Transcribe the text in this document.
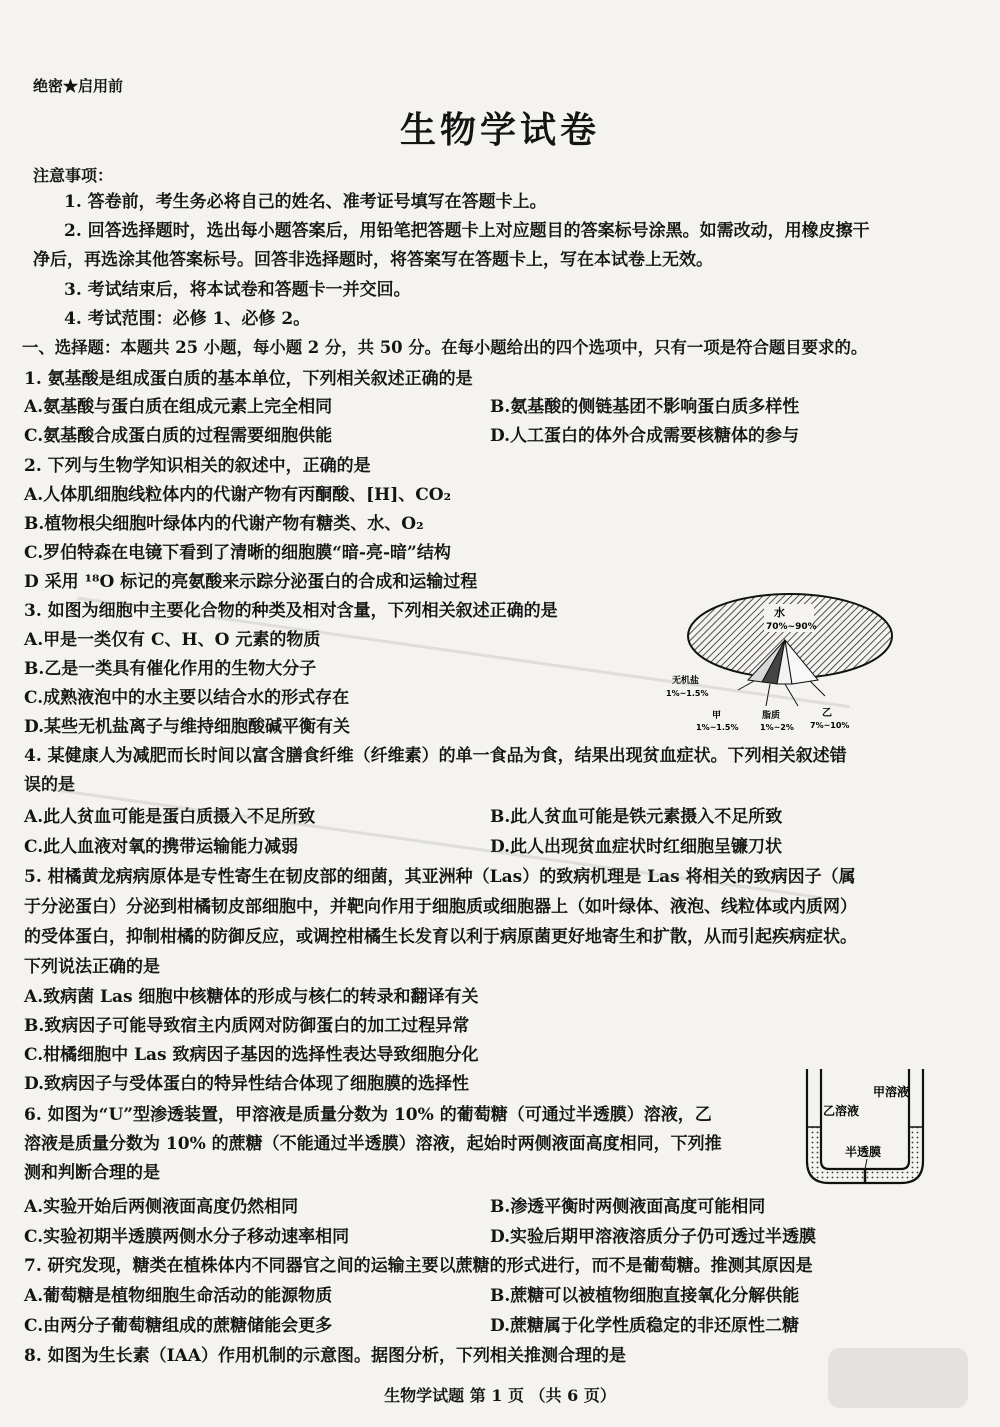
绝密★启用前
生物学试卷
注意事项：
1. 答卷前，考生务必将自己的姓名、准考证号填写在答题卡上。
2. 回答选择题时，选出每小题答案后，用铅笔把答题卡上对应题目的答案标号涂黑。如需改动，用橡皮擦干
净后，再选涂其他答案标号。回答非选择题时，将答案写在答题卡上，写在本试卷上无效。
3. 考试结束后，将本试卷和答题卡一并交回。
4. 考试范围：必修 1、必修 2。
一、选择题：本题共 25 小题，每小题 2 分，共 50 分。在每小题给出的四个选项中，只有一项是符合题目要求的。
1. 氨基酸是组成蛋白质的基本单位，下列相关叙述正确的是
A.氨基酸与蛋白质在组成元素上完全相同	B.氨基酸的侧链基团不影响蛋白质多样性
C.氨基酸合成蛋白质的过程需要细胞供能	D.人工蛋白的体外合成需要核糖体的参与
2. 下列与生物学知识相关的叙述中，正确的是
A.人体肌细胞线粒体内的代谢产物有丙酮酸、[H]、CO₂
B.植物根尖细胞叶绿体内的代谢产物有糖类、水、O₂
C.罗伯特森在电镜下看到了清晰的细胞膜“暗-亮-暗”结构
D 采用 ¹⁸O 标记的亮氨酸来示踪分泌蛋白的合成和运输过程
3. 如图为细胞中主要化合物的种类及相对含量，下列相关叙述正确的是
A.甲是一类仅有 C、H、O 元素的物质
B.乙是一类具有催化作用的生物大分子
C.成熟液泡中的水主要以结合水的形式存在
D.某些无机盐离子与维持细胞酸碱平衡有关
水
70%~90%
无机盐
1%~1.5%
甲
1%~1.5%
脂质
1%~2%
乙
7%~10%
4. 某健康人为减肥而长时间以富含膳食纤维（纤维素）的单一食品为食，结果出现贫血症状。下列相关叙述错
误的是
A.此人贫血可能是蛋白质摄入不足所致	B.此人贫血可能是铁元素摄入不足所致
C.此人血液对氧的携带运输能力减弱	D.此人出现贫血症状时红细胞呈镰刀状
5. 柑橘黄龙病病原体是专性寄生在韧皮部的细菌，其亚洲种（Las）的致病机理是 Las 将相关的致病因子（属
于分泌蛋白）分泌到柑橘韧皮部细胞中，并靶向作用于细胞质或细胞器上（如叶绿体、液泡、线粒体或内质网）
的受体蛋白，抑制柑橘的防御反应，或调控柑橘生长发育以利于病原菌更好地寄生和扩散，从而引起疾病症状。
下列说法正确的是
A.致病菌 Las 细胞中核糖体的形成与核仁的转录和翻译有关
B.致病因子可能导致宿主内质网对防御蛋白的加工过程异常
C.柑橘细胞中 Las 致病因子基因的选择性表达导致细胞分化
D.致病因子与受体蛋白的特异性结合体现了细胞膜的选择性
6. 如图为“U”型渗透装置，甲溶液是质量分数为 10% 的葡萄糖（可通过半透膜）溶液，乙
溶液是质量分数为 10% 的蔗糖（不能通过半透膜）溶液，起始时两侧液面高度相同，下列推
测和判断合理的是
A.实验开始后两侧液面高度仍然相同	B.渗透平衡时两侧液面高度可能相同
C.实验初期半透膜两侧水分子移动速率相同	D.实验后期甲溶液溶质分子仍可透过半透膜
甲溶液
乙溶液
半透膜
7. 研究发现，糖类在植株体内不同器官之间的运输主要以蔗糖的形式进行，而不是葡萄糖。推测其原因是
A.葡萄糖是植物细胞生命活动的能源物质	B.蔗糖可以被植物细胞直接氧化分解供能
C.由两分子葡萄糖组成的蔗糖储能会更多	D.蔗糖属于化学性质稳定的非还原性二糖
8. 如图为生长素（IAA）作用机制的示意图。据图分析，下列相关推测合理的是
生物学试题 第 1 页 （共 6 页）
